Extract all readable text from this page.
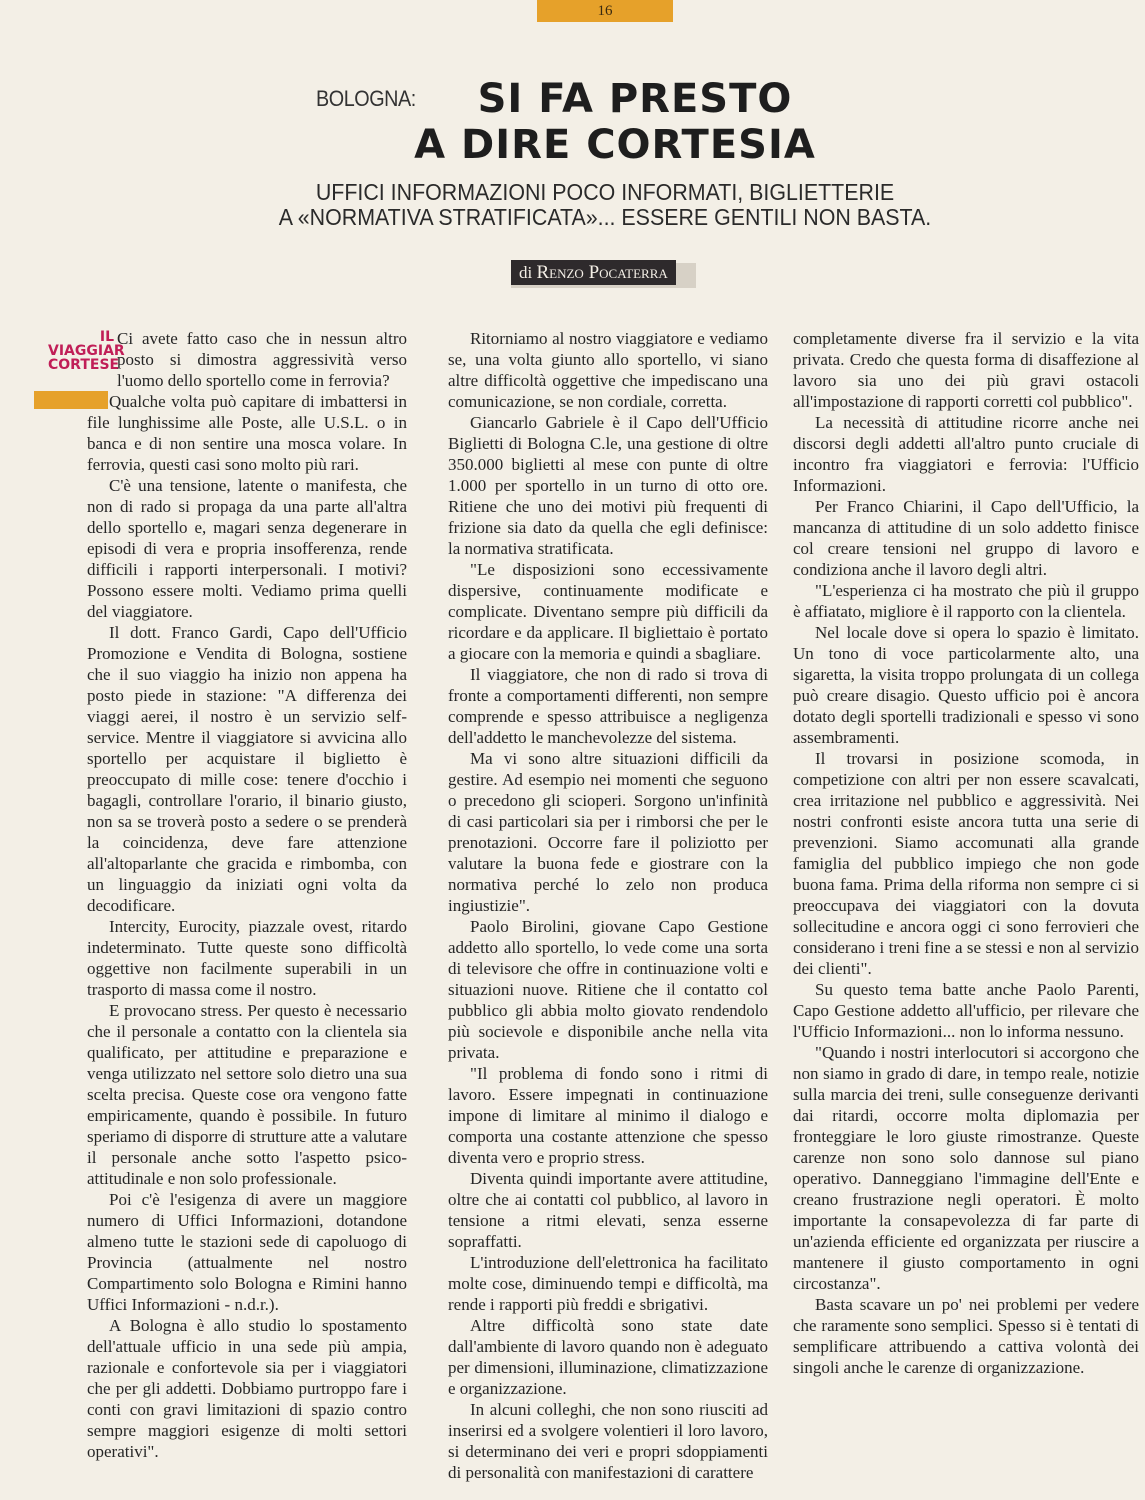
16
BOLOGNA:	SI FA PRESTO
A DIRE CORTESIA
UFFICI INFORMAZIONI POCO INFORMATI, BIGLIETTERIE
A «NORMATIVA STRATIFICATA»... ESSERE GENTILI NON BASTA.
di Renzo Pocaterra
IL VIAGGIAR CORTESE

Ci avete fatto caso che in nessun altro posto si dimostra aggressività verso l'uomo dello sportello come in ferrovia?

Qualche volta può capitare di imbattersi in file lunghissime alle Poste, alle U.S.L. o in banca e di non sentire una mosca volare. In ferrovia, questi casi sono molto più rari.

C'è una tensione, latente o manifesta, che non di rado si propaga da una parte all'altra dello sportello e, magari senza degenerare in episodi di vera e propria insofferenza, rende difficili i rapporti interpersonali. I motivi? Possono essere molti. Vediamo prima quelli del viaggiatore.

Il dott. Franco Gardi, Capo dell'Ufficio Promozione e Vendita di Bologna, sostiene che il suo viaggio ha inizio non appena ha posto piede in stazione: "A differenza dei viaggi aerei, il nostro è un servizio self-service. Mentre il viaggiatore si avvicina allo sportello per acquistare il biglietto è preoccupato di mille cose: tenere d'occhio i bagagli, controllare l'orario, il binario giusto, non sa se troverà posto a sedere o se prenderà la coincidenza, deve fare attenzione all'altoparlante che gracida e rimbomba, con un linguaggio da iniziati ogni volta da decodificare.

Intercity, Eurocity, piazzale ovest, ritardo indeterminato. Tutte queste sono difficoltà oggettive non facilmente superabili in un trasporto di massa come il nostro.

E provocano stress. Per questo è necessario che il personale a contatto con la clientela sia qualificato, per attitudine e preparazione e venga utilizzato nel settore solo dietro una sua scelta precisa. Queste cose ora vengono fatte empiricamente, quando è possibile. In futuro speriamo di disporre di strutture atte a valutare il personale anche sotto l'aspetto psico-attitudinale e non solo professionale.

Poi c'è l'esigenza di avere un maggiore numero di Uffici Informazioni, dotandone almeno tutte le stazioni sede di capoluogo di Provincia (attualmente nel nostro Compartimento solo Bologna e Rimini hanno Uffici Informazioni - n.d.r.).

A Bologna è allo studio lo spostamento dell'attuale ufficio in una sede più ampia, razionale e confortevole sia per i viaggiatori che per gli addetti. Dobbiamo purtroppo fare i conti con gravi limitazioni di spazio contro sempre maggiori esigenze di molti settori operativi".

Ritorniamo al nostro viaggiatore e vediamo se, una volta giunto allo sportello, vi siano altre difficoltà oggettive che impediscano una comunicazione, se non cordiale, corretta.

Giancarlo Gabriele è il Capo dell'Ufficio Biglietti di Bologna C.le, una gestione di oltre 350.000 biglietti al mese con punte di oltre 1.000 per sportello in un turno di otto ore. Ritiene che uno dei motivi più frequenti di frizione sia dato da quella che egli definisce: la normativa stratificata.

"Le disposizioni sono eccessivamente dispersive, continuamente modificate e complicate. Diventano sempre più difficili da ricordare e da applicare. Il bigliettaio è portato a giocare con la memoria e quindi a sbagliare.

Il viaggiatore, che non di rado si trova di fronte a comportamenti differenti, non sempre comprende e spesso attribuisce a negligenza dell'addetto le manchevolezze del sistema.

Ma vi sono altre situazioni difficili da gestire. Ad esempio nei momenti che seguono o precedono gli scioperi. Sorgono un'infinità di casi particolari sia per i rimborsi che per le prenotazioni. Occorre fare il poliziotto per valutare la buona fede e giostrare con la normativa perché lo zelo non produca ingiustizie".

Paolo Birolini, giovane Capo Gestione addetto allo sportello, lo vede come una sorta di televisore che offre in continuazione volti e situazioni nuove. Ritiene che il contatto col pubblico gli abbia molto giovato rendendolo più socievole e disponibile anche nella vita privata.

"Il problema di fondo sono i ritmi di lavoro. Essere impegnati in continuazione impone di limitare al minimo il dialogo e comporta una costante attenzione che spesso diventa vero e proprio stress.

Diventa quindi importante avere attitudine, oltre che ai contatti col pubblico, al lavoro in tensione a ritmi elevati, senza esserne sopraffatti.

L'introduzione dell'elettronica ha facilitato molte cose, diminuendo tempi e difficoltà, ma rende i rapporti più freddi e sbrigativi.

Altre difficoltà sono state date dall'ambiente di lavoro quando non è adeguato per dimensioni, illuminazione, climatizzazione e organizzazione.

In alcuni colleghi, che non sono riusciti ad inserirsi ed a svolgere volentieri il loro lavoro, si determinano dei veri e propri sdoppiamenti di personalità con manifestazioni di carattere

completamente diverse fra il servizio e la vita privata. Credo che questa forma di disaffezione al lavoro sia uno dei più gravi ostacoli all'impostazione di rapporti corretti col pubblico".

La necessità di attitudine ricorre anche nei discorsi degli addetti all'altro punto cruciale di incontro fra viaggiatori e ferrovia: l'Ufficio Informazioni.

Per Franco Chiarini, il Capo dell'Ufficio, la mancanza di attitudine di un solo addetto finisce col creare tensioni nel gruppo di lavoro e condiziona anche il lavoro degli altri.

"L'esperienza ci ha mostrato che più il gruppo è affiatato, migliore è il rapporto con la clientela.

Nel locale dove si opera lo spazio è limitato. Un tono di voce particolarmente alto, una sigaretta, la visita troppo prolungata di un collega può creare disagio. Questo ufficio poi è ancora dotato degli sportelli tradizionali e spesso vi sono assembramenti.

Il trovarsi in posizione scomoda, in competizione con altri per non essere scavalcati, crea irritazione nel pubblico e aggressività. Nei nostri confronti esiste ancora tutta una serie di prevenzioni. Siamo accomunati alla grande famiglia del pubblico impiego che non gode buona fama. Prima della riforma non sempre ci si preoccupava dei viaggiatori con la dovuta sollecitudine e ancora oggi ci sono ferrovieri che considerano i treni fine a se stessi e non al servizio dei clienti".

Su questo tema batte anche Paolo Parenti, Capo Gestione addetto all'ufficio, per rilevare che l'Ufficio Informazioni... non lo informa nessuno.

"Quando i nostri interlocutori si accorgono che non siamo in grado di dare, in tempo reale, notizie sulla marcia dei treni, sulle conseguenze derivanti dai ritardi, occorre molta diplomazia per fronteggiare le loro giuste rimostranze. Queste carenze non sono solo dannose sul piano operativo. Danneggiano l'immagine dell'Ente e creano frustrazione negli operatori. È molto importante la consapevolezza di far parte di un'azienda efficiente ed organizzata per riuscire a mantenere il giusto comportamento in ogni circostanza".

Basta scavare un po' nei problemi per vedere che raramente sono semplici. Spesso si è tentati di semplificare attribuendo a cattiva volontà dei singoli anche le carenze di organizzazione.
